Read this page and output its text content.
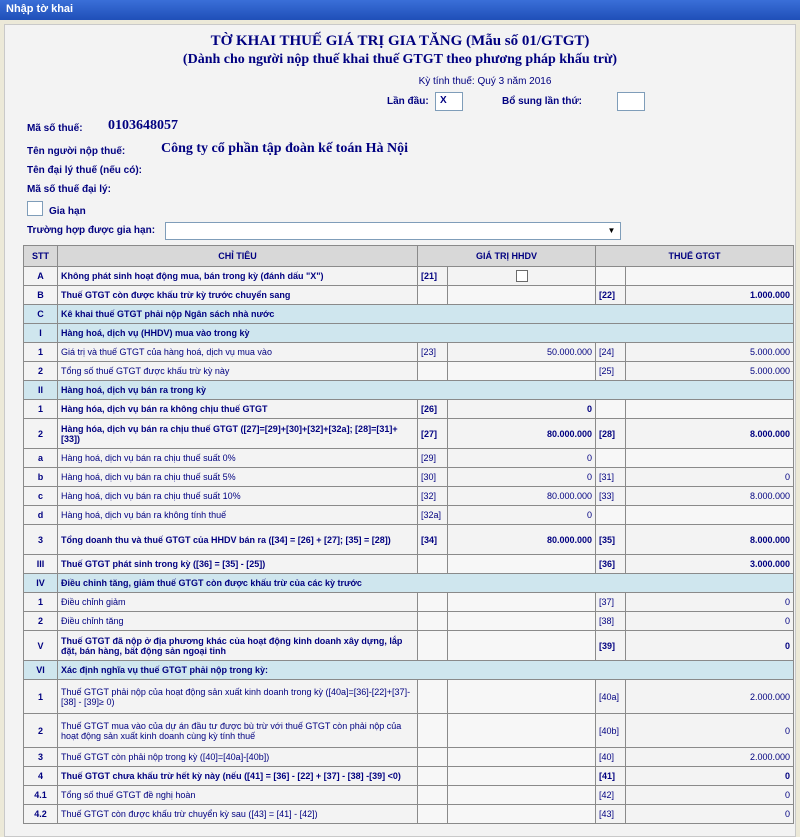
Nhập tờ khai
TỜ KHAI THUẾ GIÁ TRỊ GIA TĂNG (Mẫu số 01/GTGT)
(Dành cho người nộp thuế khai thuế GTGT theo phương pháp khấu trừ)
Kỳ tính thuế: Quý 3 năm 2016
Lần đầu:	X	Bổ sung lần thứ:
Mã số thuế: 0103648057
Tên người nộp thuế:	Công ty cổ phần tập đoàn kế toán Hà Nội
Tên đại lý thuế (nếu có):
Mã số thuế đại lý:
Gia hạn
Trường hợp được gia hạn:	▼
STT	CHỈ TIÊU	GIÁ TRỊ HHDV		THUẾ GTGT	
A	Không phát sinh hoạt động mua, bán trong kỳ (đánh dấu "X")	[21]			
B	Thuế GTGT còn được khấu trừ kỳ trước chuyển sang			[22]	1.000.000
C	Kê khai thuế GTGT phải nộp Ngân sách nhà nước				
I	Hàng hoá, dịch vụ (HHDV) mua vào trong kỳ				
1	Giá trị và thuế GTGT của hàng hoá, dịch vụ mua vào	[23]	50.000.000	[24]	5.000.000
2	Tổng số thuế GTGT được khấu trừ kỳ này			[25]	5.000.000
II	Hàng hoá, dịch vụ bán ra trong kỳ				
1	Hàng hóa, dịch vụ bán ra không chịu thuế GTGT	[26]	0		
2	Hàng hóa, dịch vụ bán ra chịu thuế GTGT ([27]=[29]+[30]+[32]+[32a]; [28]=[31]+[33])	[27]	80.000.000	[28]	8.000.000
a	Hàng hoá, dịch vụ bán ra chịu thuế suất 0%	[29]	0		
b	Hàng hoá, dịch vụ bán ra chịu thuế suất 5%	[30]	0	[31]	0
c	Hàng hoá, dịch vụ bán ra chịu thuế suất 10%	[32]	80.000.000	[33]	8.000.000
d	Hàng hoá, dịch vụ bán ra không tính thuế	[32a]	0		
3	Tổng doanh thu và thuế GTGT của HHDV bán ra ([34] = [26] + [27]; [35] = [28])	[34]	80.000.000	[35]	8.000.000
III	Thuế GTGT phát sinh trong kỳ ([36] = [35] - [25])			[36]	3.000.000
IV	Điều chỉnh tăng, giảm thuế GTGT còn được khấu trừ của các kỳ trước				
1	Điều chỉnh giảm			[37]	0
2	Điều chỉnh tăng			[38]	0
V	Thuế GTGT đã nộp ở địa phương khác của hoạt động kinh doanh xây dựng, lắp đặt, bán hàng, bất động sản ngoại tỉnh			[39]	0
VI	Xác định nghĩa vụ thuế GTGT phải nộp trong kỳ:				
1	Thuế GTGT phải nộp của hoạt động sản xuất kinh doanh trong kỳ ([40a]=[36]-[22]+[37]-[38] - [39]≥ 0)			[40a]	2.000.000
2	Thuế GTGT mua vào của dự án đầu tư được bù trừ với thuế GTGT còn phải nộp của hoạt động sản xuất kinh doanh cùng kỳ tính thuế			[40b]	0
3	Thuế GTGT còn phải nộp trong kỳ ([40]=[40a]-[40b])			[40]	2.000.000
4	Thuế GTGT chưa khấu trừ hết kỳ này (nếu ([41] = [36] - [22] + [37] - [38] -[39] <0)			[41]	0
4.1	Tổng số thuế GTGT đề nghị hoàn			[42]	0
4.2	Thuế GTGT còn được khấu trừ chuyển kỳ sau ([43] = [41] - [42])			[43]	0
